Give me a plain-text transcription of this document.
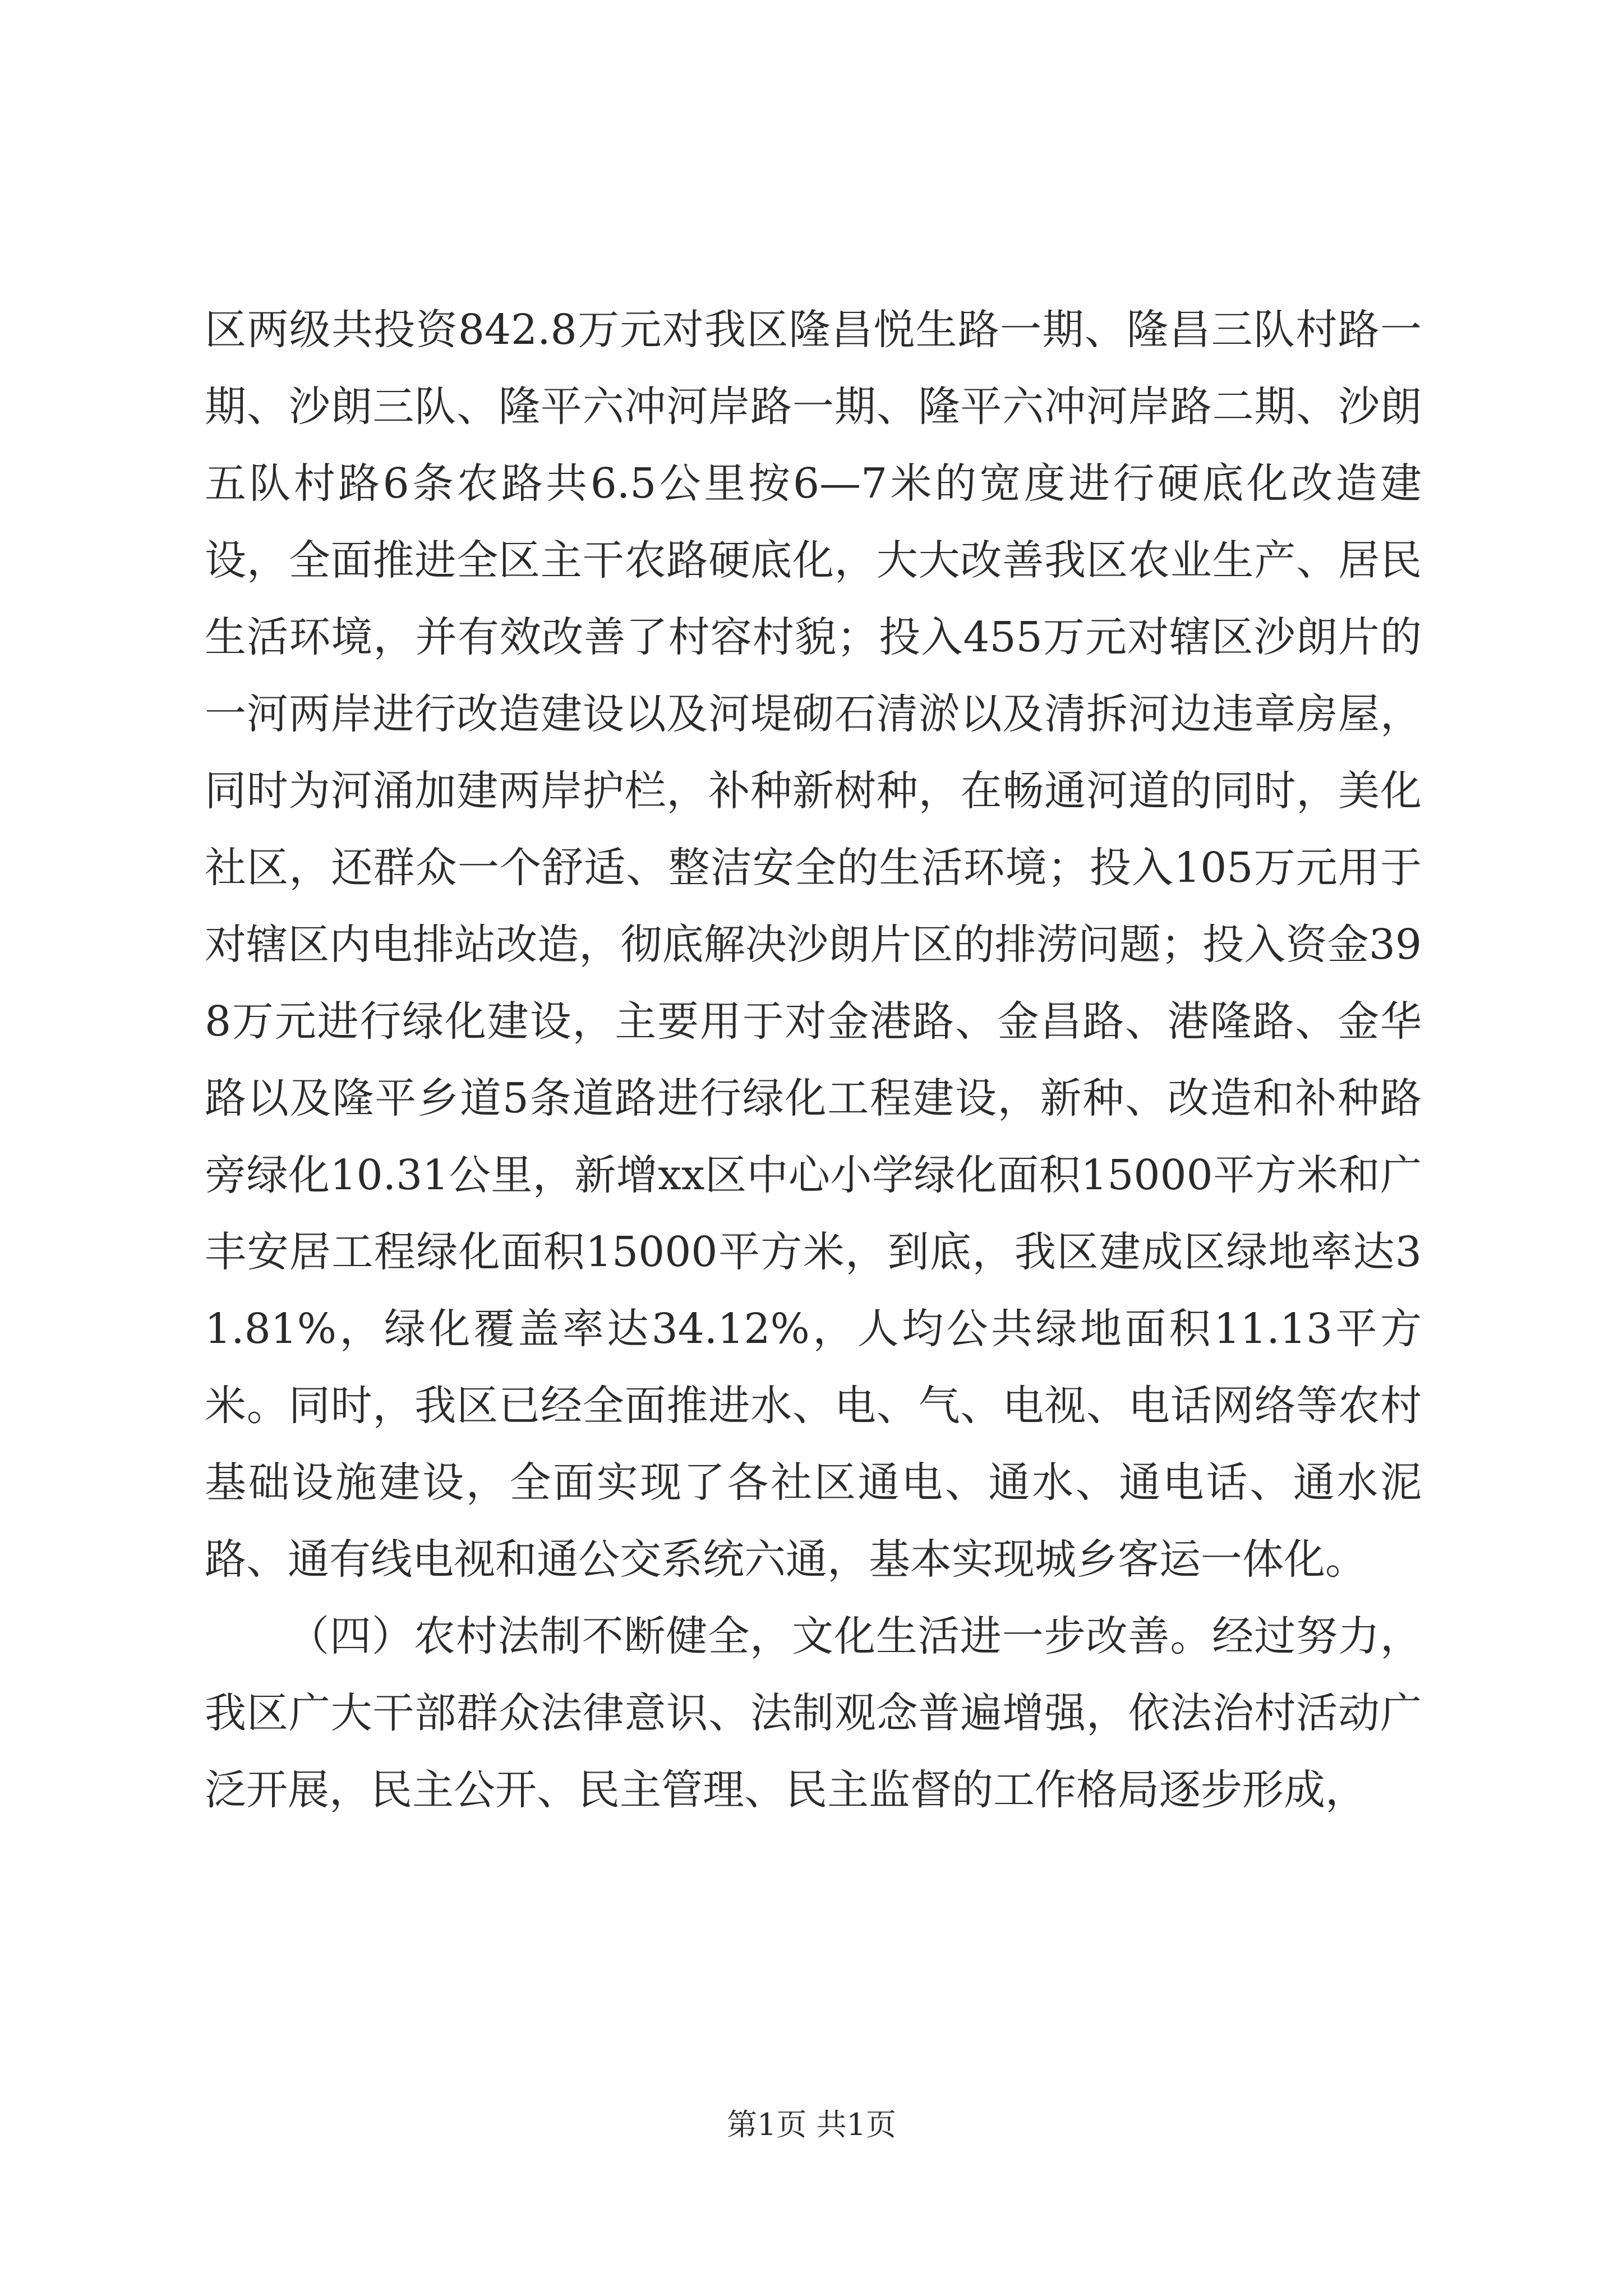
区两级共投资842.8万元对我区隆昌悦生路一期、隆昌三队村路一期、沙朗三队、隆平六冲河岸路一期、隆平六冲河岸路二期、沙朗五队村路6条农路共6.5公里按6—7米的宽度进行硬底化改造建设，全面推进全区主干农路硬底化，大大改善我区农业生产、居民生活环境，并有效改善了村容村貌；投入455万元对辖区沙朗片的一河两岸进行改造建设以及河堤砌石清淤以及清拆河边违章房屋，同时为河涌加建两岸护栏，补种新树种，在畅通河道的同时，美化社区，还群众一个舒适、整洁安全的生活环境；投入105万元用于对辖区内电排站改造，彻底解决沙朗片区的排涝问题；投入资金398万元进行绿化建设，主要用于对金港路、金昌路、港隆路、金华路以及隆平乡道5条道路进行绿化工程建设，新种、改造和补种路旁绿化10.31公里，新增xx区中心小学绿化面积15000平方米和广丰安居工程绿化面积15000平方米，到底，我区建成区绿地率达31.81%，绿化覆盖率达34.12%，人均公共绿地面积11.13平方米。同时，我区已经全面推进水、电、气、电视、电话网络等农村基础设施建设，全面实现了各社区通电、通水、通电话、通水泥路、通有线电视和通公交系统六通，基本实现城乡客运一体化。

（四）农村法制不断健全，文化生活进一步改善。经过努力，我区广大干部群众法律意识、法制观念普遍增强，依法治村活动广泛开展，民主公开、民主管理、民主监督的工作格局逐步形成，

第1页 共1页
